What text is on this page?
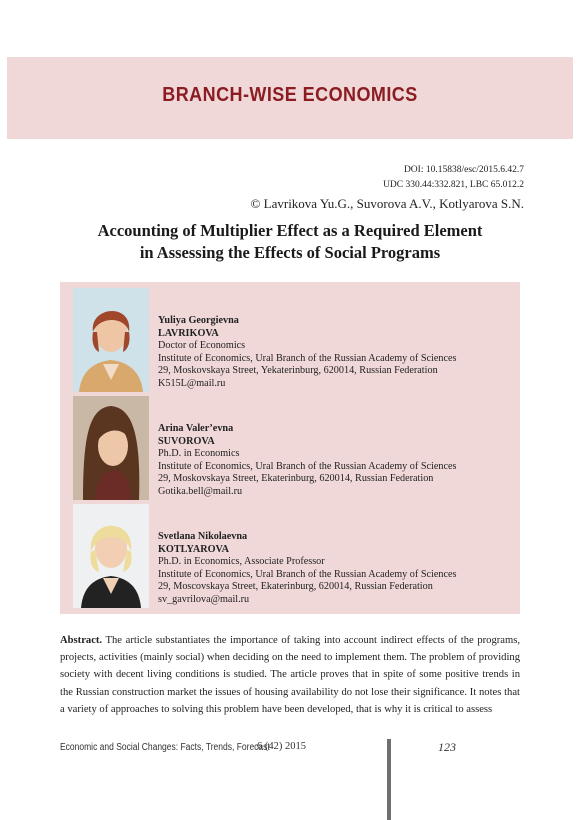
BRANCH-WISE ECONOMICS
DOI: 10.15838/esc/2015.6.42.7
UDC 330.44:332.821, LBC 65.012.2
© Lavrikova Yu.G., Suvorova A.V., Kotlyarova S.N.
Accounting of Multiplier Effect as a Required Element
in Assessing the Effects of Social Programs
Yuliya Georgievna
LAVRIKOVA
Doctor of Economics
Institute of Economics, Ural Branch of the Russian Academy of Sciences
29, Moskovskaya Street, Yekaterinburg, 620014, Russian Federation
K515L@mail.ru
Arina Valer’evna
SUVOROVA
Ph.D. in Economics
Institute of Economics, Ural Branch of the Russian Academy of Sciences
29, Moskovskaya Street, Ekaterinburg, 620014, Russian Federation
Gotika.bell@mail.ru
Svetlana Nikolaevna
KOTLYAROVA
Ph.D. in Economics, Associate Professor
Institute of Economics, Ural Branch of the Russian Academy of Sciences
29, Moscovskaya Street, Ekaterinburg, 620014, Russian Federation
sv_gavrilova@mail.ru
Abstract. The article substantiates the importance of taking into account indirect effects of the programs, projects, activities (mainly social) when deciding on the need to implement them. The problem of providing society with decent living conditions is studied. The article proves that in spite of some positive trends in the Russian construction market the issues of housing availability do not lose their significance. It notes that a variety of approaches to solving this problem have been developed, that is why it is critical to assess
Economic and Social Changes: Facts, Trends, Forecast
6 (42) 2015	123
